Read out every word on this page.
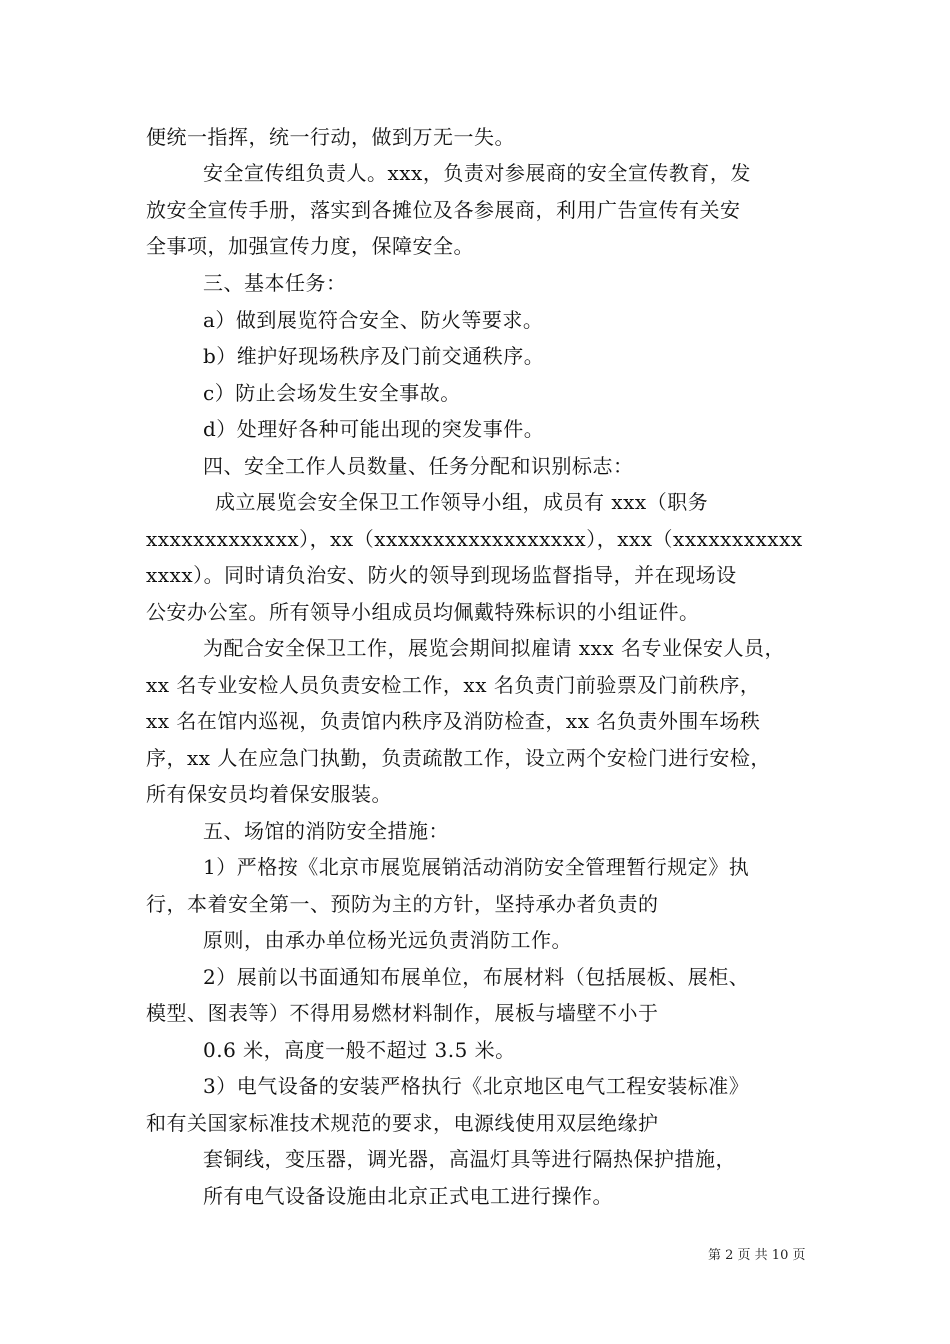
便统一指挥，统一行动，做到万无一失。
安全宣传组负责人。xxx，负责对参展商的安全宣传教育，发
放安全宣传手册，落实到各摊位及各参展商，利用广告宣传有关安
全事项，加强宣传力度，保障安全。
三、基本任务：
a）做到展览符合安全、防火等要求。
b）维护好现场秩序及门前交通秩序。
c）防止会场发生安全事故。
d）处理好各种可能出现的突发事件。
四、安全工作人员数量、任务分配和识别标志：
成立展览会安全保卫工作领导小组，成员有 xxx（职务
xxxxxxxxxxxxx），xx（xxxxxxxxxxxxxxxxxx），xxx（xxxxxxxxxxx
xxxx）。同时请负治安、防火的领导到现场监督指导，并在现场设
公安办公室。所有领导小组成员均佩戴特殊标识的小组证件。
为配合安全保卫工作，展览会期间拟雇请 xxx 名专业保安人员，
xx 名专业安检人员负责安检工作，xx 名负责门前验票及门前秩序，
xx 名在馆内巡视，负责馆内秩序及消防检查，xx 名负责外围车场秩
序，xx 人在应急门执勤，负责疏散工作，设立两个安检门进行安检，
所有保安员均着保安服装。
五、场馆的消防安全措施：
1）严格按《北京市展览展销活动消防安全管理暂行规定》执
行，本着安全第一、预防为主的方针，坚持承办者负责的
原则，由承办单位杨光远负责消防工作。
2）展前以书面通知布展单位，布展材料（包括展板、展柜、
模型、图表等）不得用易燃材料制作，展板与墙壁不小于
0.6 米，高度一般不超过 3.5 米。
3）电气设备的安装严格执行《北京地区电气工程安装标准》
和有关国家标准技术规范的要求，电源线使用双层绝缘护
套铜线，变压器，调光器，高温灯具等进行隔热保护措施，
所有电气设备设施由北京正式电工进行操作。
第 2 页 共 10 页
